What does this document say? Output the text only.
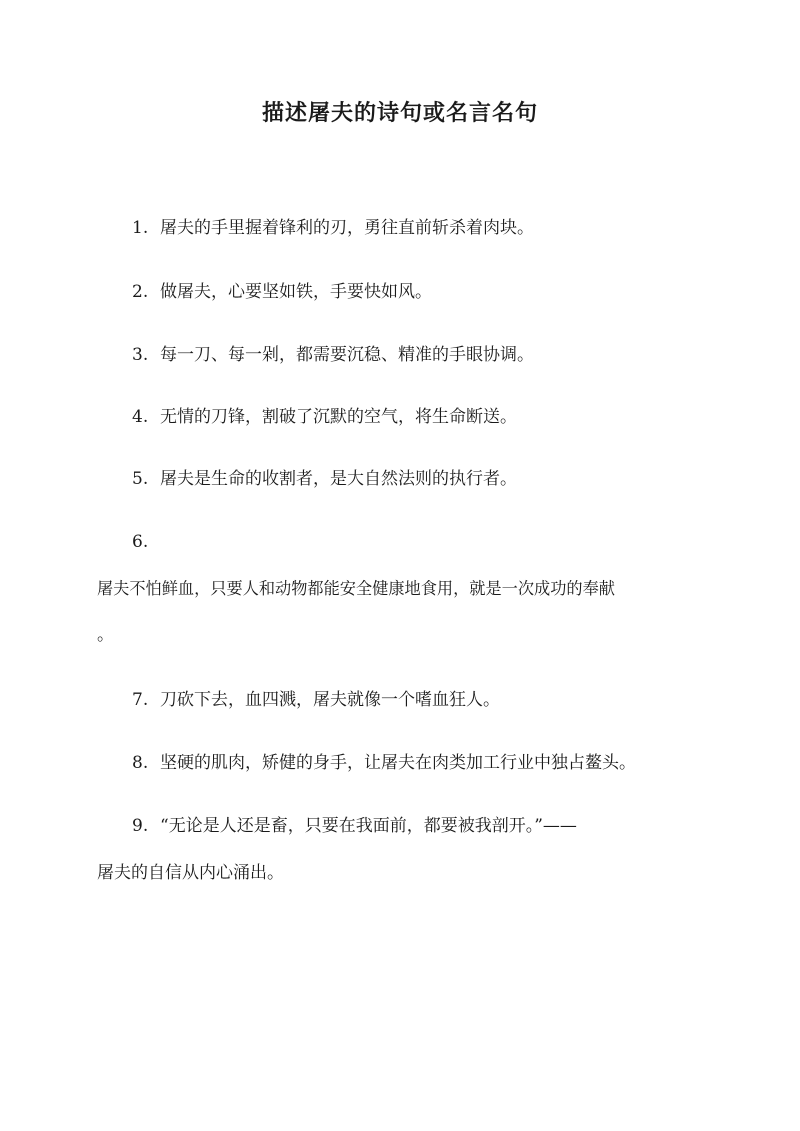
描述屠夫的诗句或名言名句
1. 屠夫的手里握着锋利的刃，勇往直前斩杀着肉块。
2. 做屠夫，心要坚如铁，手要快如风。
3. 每一刀、每一剁，都需要沉稳、精准的手眼协调。
4. 无情的刀锋，割破了沉默的空气，将生命断送。
5. 屠夫是生命的收割者，是大自然法则的执行者。
6.
屠夫不怕鲜血，只要人和动物都能安全健康地食用，就是一次成功的奉献
。
7. 刀砍下去，血四溅，屠夫就像一个嗜血狂人。
8. 坚硬的肌肉，矫健的身手，让屠夫在肉类加工行业中独占鳌头。
9. “无论是人还是畜，只要在我面前，都要被我剖开。”——
屠夫的自信从内心涌出。
